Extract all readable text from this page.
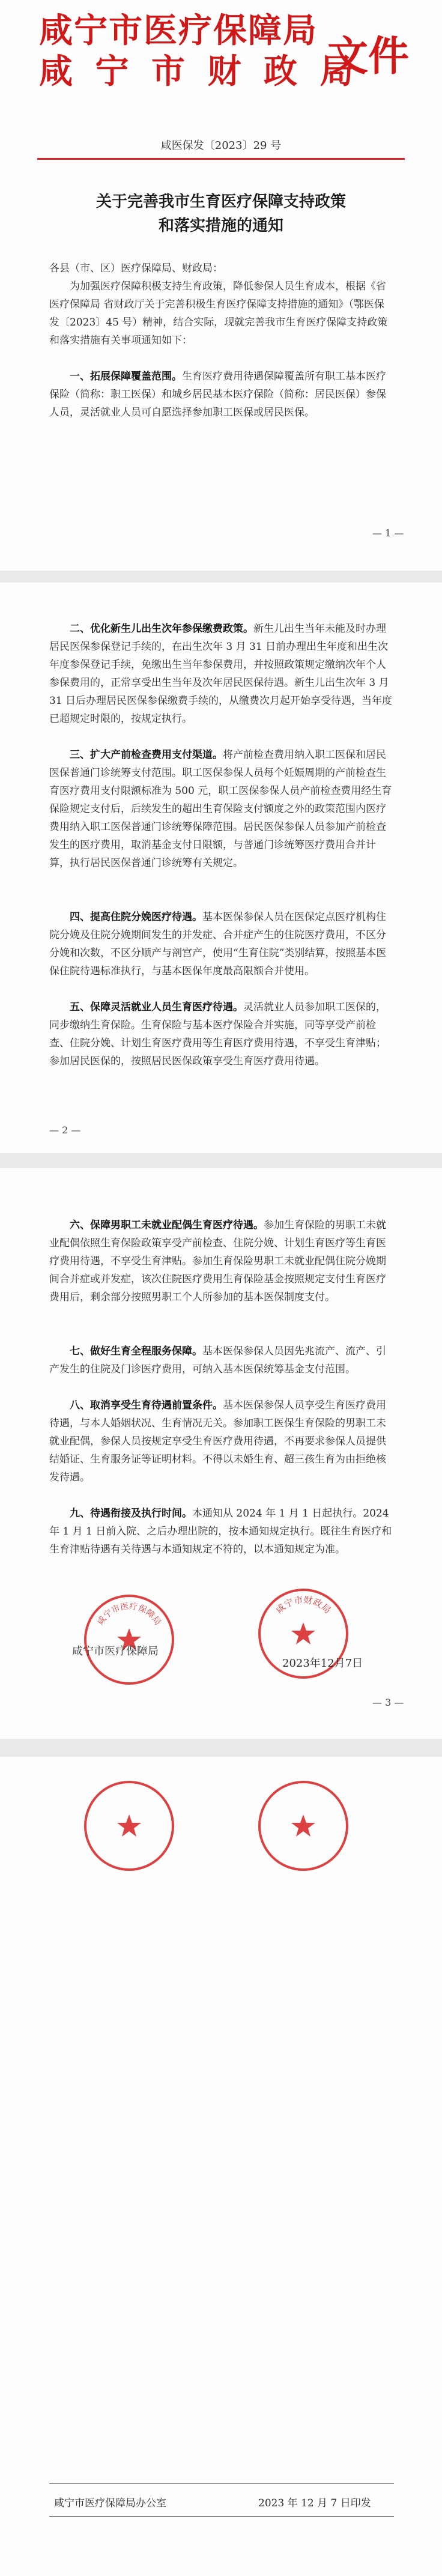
咸宁市医疗保障局
咸 宁 市 财 政 局
文件
咸医保发〔2023〕29 号
关于完善我市生育医疗保障支持政策
和落实措施的通知

各县（市、区）医疗保障局、财政局：

为加强医疗保障积极支持生育政策，降低参保人员生育成本，根据《省医疗保障局 省财政厅关于完善积极生育医疗保障支持措施的通知》（鄂医保发〔2023〕45 号）精神，结合实际，现就完善我市生育医疗保障支持政策和落实措施有关事项通知如下：

一、拓展保障覆盖范围。生育医疗费用待遇保障覆盖所有职工基本医疗保险（简称：职工医保）和城乡居民基本医疗保险（简称：居民医保）参保人员，灵活就业人员可自愿选择参加职工医保或居民医保。

— 1 —

二、优化新生儿出生次年参保缴费政策。新生儿出生当年未能及时办理居民医保参保登记手续的，在出生次年 3 月 31 日前办理出生年度和出生次年度参保登记手续，免缴出生当年参保费用，并按照政策规定缴纳次年个人参保费用的，正常享受出生当年及次年居民医保待遇。新生儿出生次年 3 月 31 日后办理居民医保参保缴费手续的，从缴费次月起开始享受待遇，当年度已超规定时限的，按规定执行。

三、扩大产前检查费用支付渠道。将产前检查费用纳入职工医保和居民医保普通门诊统筹支付范围。职工医保参保人员每个妊娠周期的产前检查生育医疗费用支付限额标准为 500 元，职工医保参保人员产前检查费用经生育保险规定支付后，后续发生的超出生育保险支付额度之外的政策范围内医疗费用纳入职工医保普通门诊统筹保障范围。居民医保参保人员参加产前检查发生的医疗费用，取消基金支付日限额，与普通门诊统筹医疗费用合并计算，执行居民医保普通门诊统筹有关规定。

四、提高住院分娩医疗待遇。基本医保参保人员在医保定点医疗机构住院分娩及住院分娩期间发生的并发症、合并症产生的住院医疗费用，不区分分娩和次数，不区分顺产与剖宫产，使用“生育住院”类别结算，按照基本医保住院待遇标准执行，与基本医保年度最高限额合并使用。

五、保障灵活就业人员生育医疗待遇。灵活就业人员参加职工医保的，同步缴纳生育保险。生育保险与基本医疗保险合并实施，同等享受产前检查、住院分娩、计划生育医疗费用等生育医疗费用待遇，不享受生育津贴；参加居民医保的，按照居民医保政策享受生育医疗费用待遇。

— 2 —

六、保障男职工未就业配偶生育医疗待遇。参加生育保险的男职工未就业配偶依照生育保险政策享受产前检查、住院分娩、计划生育医疗等生育医疗费用待遇，不享受生育津贴。参加生育保险男职工未就业配偶住院分娩期间合并症或并发症，该次住院医疗费用生育保险基金按照规定支付生育医疗费用后，剩余部分按照男职工个人所参加的基本医保制度支付。

七、做好生育全程服务保障。基本医保参保人员因先兆流产、流产、引产发生的住院及门诊医疗费用，可纳入基本医保统筹基金支付范围。

八、取消享受生育待遇前置条件。基本医保参保人员享受生育医疗费用待遇，与本人婚姻状况、生育情况无关。参加职工医保生育保险的男职工未就业配偶，参保人员按规定享受生育医疗费用待遇，不再要求参保人员提供结婚证、生育服务证等证明材料。不得以未婚生育、超三孩生育为由拒绝核发待遇。

九、待遇衔接及执行时间。本通知从 2024 年 1 月 1 日起执行。2024 年 1 月 1 日前入院、之后办理出院的，按本通知规定执行。既往生育医疗和生育津贴待遇有关待遇与本通知规定不符的，以本通知规定为准。

咸宁市医疗保障局
咸宁市医疗保障局
咸宁市财政局
2023年12月7日
— 3 —
咸宁市医疗保障局办公室	2023 年 12 月 7 日印发
